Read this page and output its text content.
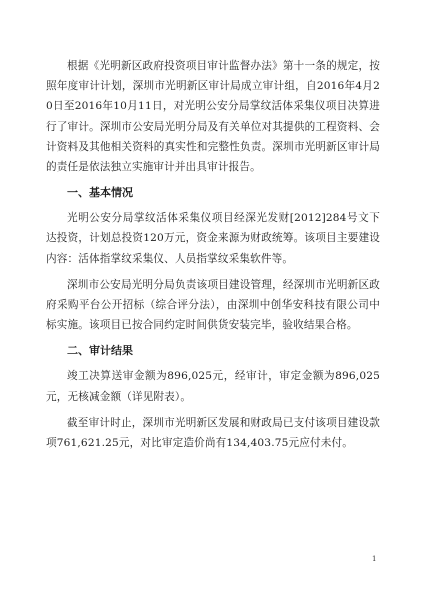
根据《光明新区政府投资项目审计监督办法》第十一条的规定，按照年度审计计划，深圳市光明新区审计局成立审计组，自2016年4月20日至2016年10月11日，对光明公安分局掌纹活体采集仪项目决算进行了审计。深圳市公安局光明分局及有关单位对其提供的工程资料、会计资料及其他相关资料的真实性和完整性负责。深圳市光明新区审计局的责任是依法独立实施审计并出具审计报告。

一、基本情况

光明公安分局掌纹活体采集仪项目经深光发财[2012]284号文下达投资，计划总投资120万元，资金来源为财政统筹。该项目主要建设内容：活体指掌纹采集仪、人员指掌纹采集软件等。

深圳市公安局光明分局负责该项目建设管理，经深圳市光明新区政府采购平台公开招标（综合评分法），由深圳中创华安科技有限公司中标实施。该项目已按合同约定时间供货安装完毕，验收结果合格。

二、审计结果

竣工决算送审金额为896,025元，经审计，审定金额为896,025元，无核减金额（详见附表）。

截至审计时止，深圳市光明新区发展和财政局已支付该项目建设款项761,621.25元，对比审定造价尚有134,403.75元应付未付。

1
